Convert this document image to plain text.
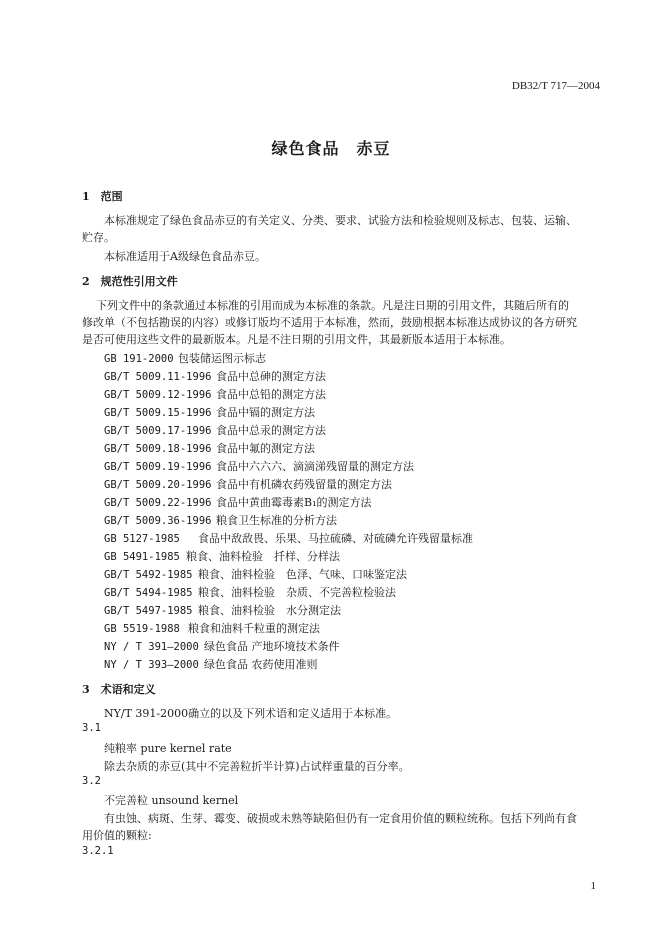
DB32/T 717—2004
绿色食品　赤豆
1　范围
本标准规定了绿色食品赤豆的有关定义、分类、要求、试验方法和检验规则及标志、包装、运输、
贮存。
本标准适用于A级绿色食品赤豆。
2　规范性引用文件
下列文件中的条款通过本标准的引用而成为本标准的条款。凡是注日期的引用文件，其随后所有的
修改单（不包括勘误的内容）或修订版均不适用于本标准，然而，鼓励根据本标准达成协议的各方研究
是否可使用这些文件的最新版本。凡是不注日期的引用文件，其最新版本适用于本标准。
GB 191-2000 包装储运图示标志
GB/T 5009.11-1996 食品中总砷的测定方法
GB/T 5009.12-1996 食品中总铅的测定方法
GB/T 5009.15-1996 食品中镉的测定方法
GB/T 5009.17-1996 食品中总汞的测定方法
GB/T 5009.18-1996 食品中氟的测定方法
GB/T 5009.19-1996 食品中六六六、滴滴涕残留量的测定方法
GB/T 5009.20-1996 食品中有机磷农药残留量的测定方法
GB/T 5009.22-1996 食品中黄曲霉毒素B₁的测定方法
GB/T 5009.36-1996 粮食卫生标准的分析方法
GB 5127-1985 食品中敌敌畏、乐果、马拉硫磷、对硫磷允许残留量标准
GB 5491-1985 粮食、油料检验　扦样、分样法
GB/T 5492-1985 粮食、油料检验　色泽、气味、口味鉴定法
GB/T 5494-1985 粮食、油料检验　杂质、不完善粒检验法
GB/T 5497-1985 粮食、油料检验　水分测定法
GB 5519-1988 粮食和油料千粒重的测定法
NY / T 391—2000 绿色食品 产地环境技术条件
NY / T 393—2000 绿色食品 农药使用准则
3　术语和定义
NY/T 391-2000确立的以及下列术语和定义适用于本标准。
3.1
纯粮率 pure kernel rate
除去杂质的赤豆(其中不完善粒折半计算)占试样重量的百分率。
3.2
不完善粒 unsound kernel
有虫蚀、病斑、生芽、霉变、破损或未熟等缺陷但仍有一定食用价值的颗粒统称。包括下列尚有食
用价值的颗粒:
3.2.1
1
